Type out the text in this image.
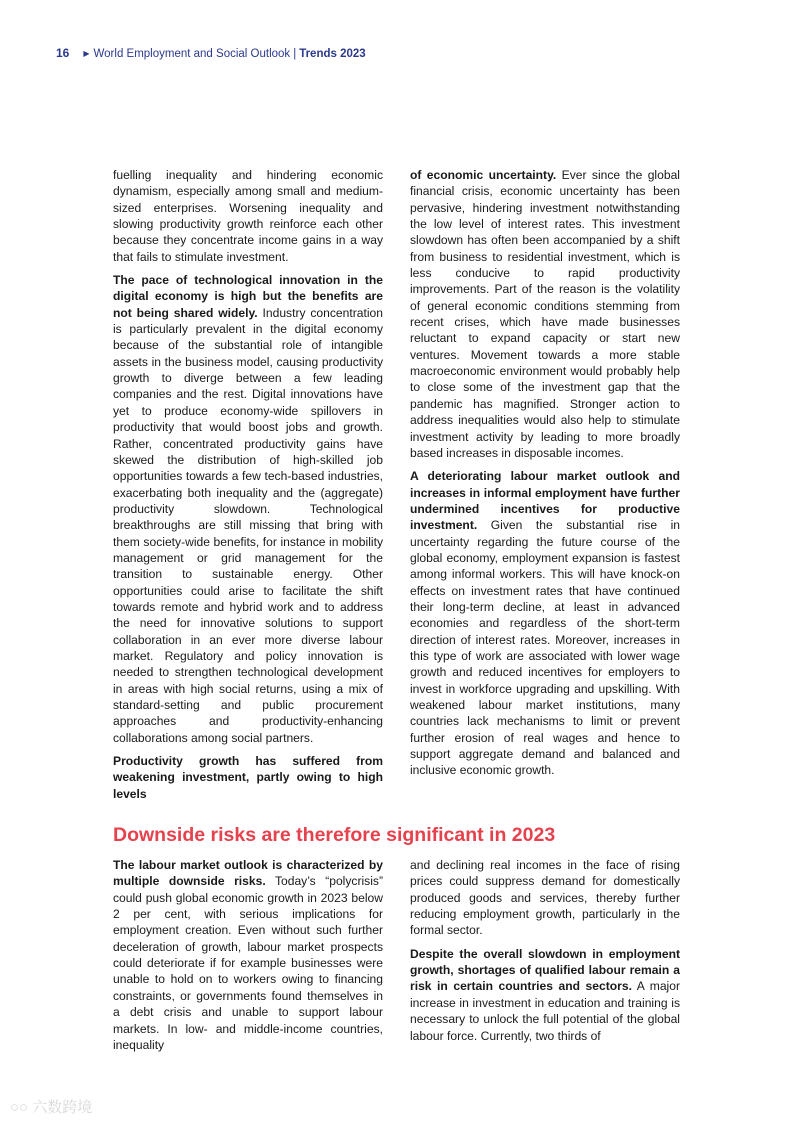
16 ▶ World Employment and Social Outlook | Trends 2023

fuelling inequality and hindering economic dynamism, especially among small and medium-sized enterprises. Worsening inequality and slowing productivity growth reinforce each other because they concentrate income gains in a way that fails to stimulate investment.

The pace of technological innovation in the digital economy is high but the benefits are not being shared widely. Industry concentration is particularly prevalent in the digital economy because of the substantial role of intangible assets in the business model, causing productivity growth to diverge between a few leading companies and the rest. Digital innovations have yet to produce economy-wide spillovers in productivity that would boost jobs and growth. Rather, concentrated productivity gains have skewed the distribution of high-skilled job opportunities towards a few tech-based industries, exacerbating both inequality and the (aggregate) productivity slowdown. Technological breakthroughs are still missing that bring with them society-wide benefits, for instance in mobility management or grid management for the transition to sustainable energy. Other opportunities could arise to facilitate the shift towards remote and hybrid work and to address the need for innovative solutions to support collaboration in an ever more diverse labour market. Regulatory and policy innovation is needed to strengthen technological development in areas with high social returns, using a mix of standard-setting and public procurement approaches and productivity-enhancing collaborations among social partners.

Productivity growth has suffered from weakening investment, partly owing to high levels

of economic uncertainty. Ever since the global financial crisis, economic uncertainty has been pervasive, hindering investment notwithstanding the low level of interest rates. This investment slowdown has often been accompanied by a shift from business to residential investment, which is less conducive to rapid productivity improvements. Part of the reason is the volatility of general economic conditions stemming from recent crises, which have made businesses reluctant to expand capacity or start new ventures. Movement towards a more stable macroeconomic environment would probably help to close some of the investment gap that the pandemic has magnified. Stronger action to address inequalities would also help to stimulate investment activity by leading to more broadly based increases in disposable incomes.

A deteriorating labour market outlook and increases in informal employment have further undermined incentives for productive investment. Given the substantial rise in uncertainty regarding the future course of the global economy, employment expansion is fastest among informal workers. This will have knock-on effects on investment rates that have continued their long-term decline, at least in advanced economies and regardless of the short-term direction of interest rates. Moreover, increases in this type of work are associated with lower wage growth and reduced incentives for employers to invest in workforce upgrading and upskilling. With weakened labour market institutions, many countries lack mechanisms to limit or prevent further erosion of real wages and hence to support aggregate demand and balanced and inclusive economic growth.

Downside risks are therefore significant in 2023

The labour market outlook is characterized by multiple downside risks. Today’s “polycrisis” could push global economic growth in 2023 below 2 per cent, with serious implications for employment creation. Even without such further deceleration of growth, labour market prospects could deteriorate if for example businesses were unable to hold on to workers owing to financing constraints, or governments found themselves in a debt crisis and unable to support labour markets. In low- and middle-income countries, inequality

and declining real incomes in the face of rising prices could suppress demand for domestically produced goods and services, thereby further reducing employment growth, particularly in the formal sector.

Despite the overall slowdown in employment growth, shortages of qualified labour remain a risk in certain countries and sectors. A major increase in investment in education and training is necessary to unlock the full potential of the global labour force. Currently, two thirds of

○○ 六数跨境
